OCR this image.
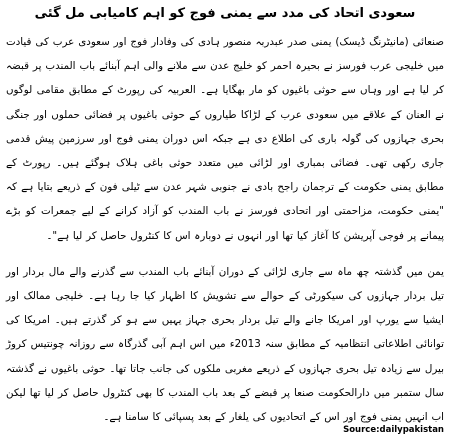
سعودی اتحاد کی مدد سے یمنی فوج کو اہم کامیابی مل گئی

صنعائی (مانیٹرنگ ڈیسک) یمنی صدر عبدربہ منصور ہادی کی وفادار فوج اور سعودی عرب کی قیادت میں خلیجی عرب فورسز نے بحیرہ احمر کو خلیج عدن سے ملانے والی اہم آبنائے باب المندب پر قبضہ کر لیا ہے اور وہاں سے حوثی باغیوں کو مار بھگایا ہے۔ العربیہ کی رپورٹ کے مطابق مقامی لوگوں نے العنان کے علاقے میں سعودی عرب کے لڑاکا طیاروں کے حوثی باغیوں پر فضائی حملوں اور جنگی بحری جہازوں کی گولہ باری کی اطلاع دی ہے جبکہ اس دوران یمنی فوج اور سرزمین پیش قدمی جاری رکھی تھی۔ فضائی بمباری اور لڑائی میں متعدد حوثی باغی ہلاک ہوگئے ہیں۔ رپورٹ کے مطابق یمنی حکومت کے ترجمان راجح بادی نے جنوبی شہر عدن سے ٹیلی فون کے ذریعے بتایا ہے کہ "یمنی حکومت، مزاحمتی اور اتحادی فورسز نے باب المندب کو آزاد کرانے کے لیے جمعرات کو بڑے پیمانے پر فوجی آپریشن کا آغاز کیا تھا اور انہوں نے دوبارہ اس کا کنٹرول حاصل کر لیا ہے"۔

یمن میں گذشتہ چھ ماہ سے جاری لڑائی کے دوران آبنائے باب المندب سے گذرنے والے مال بردار اور تیل بردار جہازوں کی سیکورٹی کے حوالے سے تشویش کا اظہار کیا جا رہا ہے۔ خلیجی ممالک اور ایشیا سے یورپ اور امریکا جانے والے تیل بردار بحری جہاز یہیں سے ہو کر گذرتے ہیں۔ امریکا کی توانائی اطلاعاتی انتظامیہ کے مطابق سنہ 2013ء میں اس اہم آبی گذرگاہ سے روزانہ چونتیس کروڑ بیرل سے زیادہ تیل بحری جہازوں کے ذریعے مغربی ملکوں کی جانب جاتا تھا۔ حوثی باغیوں نے گذشتہ سال ستمبر میں دارالحکومت صنعا پر قبضے کے بعد باب المندب کا بھی کنٹرول حاصل کر لیا تھا لیکن اب انہیں یمنی فوج اور اس کے اتحادیوں کی یلغار کے بعد پسپائی کا سامنا ہے۔

Source:dailypakistan
